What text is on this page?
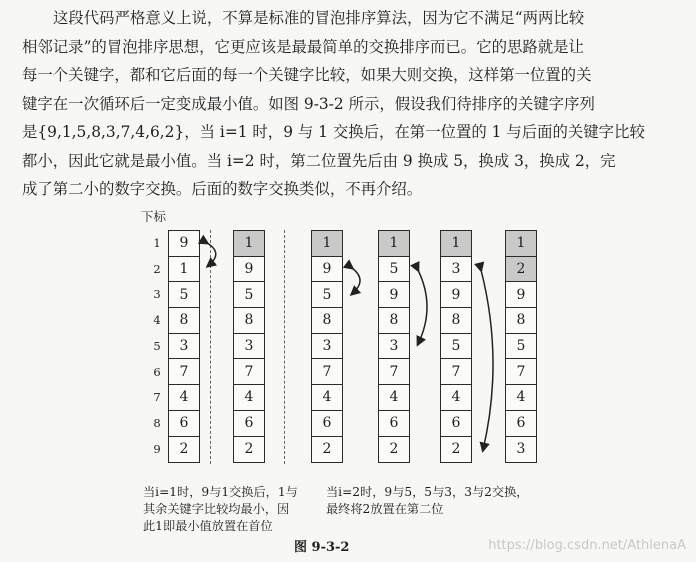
这段代码严格意义上说，不算是标准的冒泡排序算法，因为它不满足“两两比较

相邻记录”的冒泡排序思想，它更应该是最最简单的交换排序而已。它的思路就是让

每一个关键字，都和它后面的每一个关键字比较，如果大则交换，这样第一位置的关

键字在一次循环后一定变成最小值。如图 9-3-2 所示，假设我们待排序的关键字序列

是{9,1,5,8,3,7,4,6,2}，当 i=1 时，9 与 1 交换后，在第一位置的 1 与后面的关键字比较

都小，因此它就是最小值。当 i=2 时，第二位置先后由 9 换成 5，换成 3，换成 2，完

成了第二小的数字交换。后面的数字交换类似，不再介绍。

下标
1
2
3
4
5
6
7
8
9
9
1
5
8
3
7
4
6
2
1
9
5
8
3
7
4
6
2
1
9
5
8
3
7
4
6
2
1
5
9
8
3
7
4
6
2
1
3
9
8
5
7
4
6
2
1
2
9
8
5
7
4
6
3
当i=1时，9与1交换后，1与
其余关键字比较均最小，因
此1即最小值放置在首位
当i=2时，9与5，5与3，3与2交换，
最终将2放置在第二位
图 9-3-2	https://blog.csdn.net/AthlenaA
